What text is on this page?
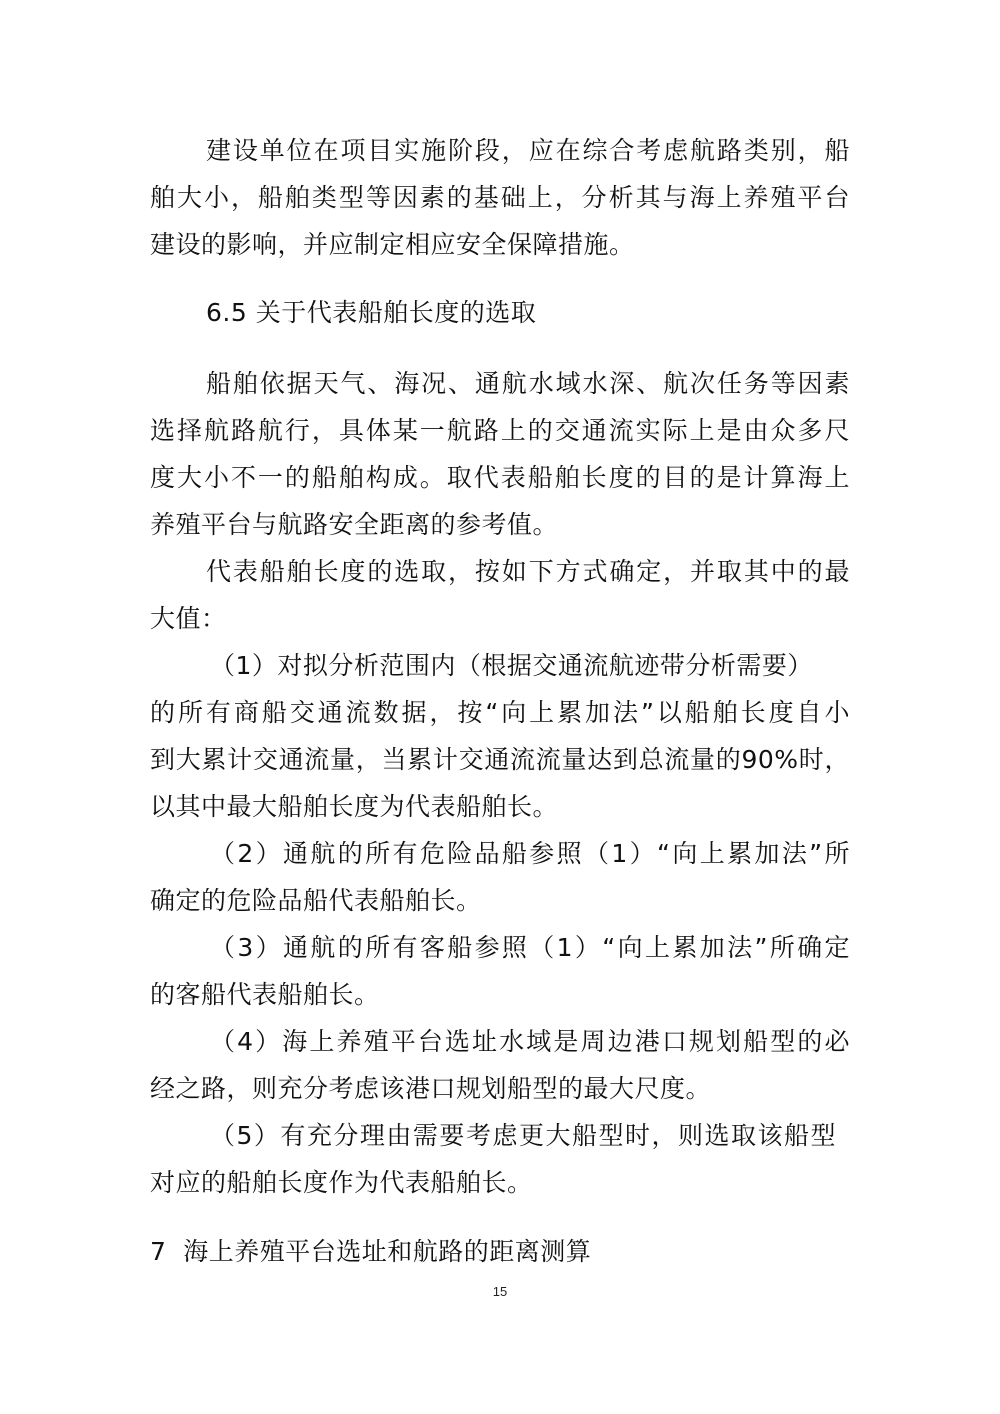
建设单位在项目实施阶段，应在综合考虑航路类别，船
舶大小，船舶类型等因素的基础上，分析其与海上养殖平台
建设的影响，并应制定相应安全保障措施。
6.5 关于代表船舶长度的选取
船舶依据天气、海况、通航水域水深、航次任务等因素
选择航路航行，具体某一航路上的交通流实际上是由众多尺
度大小不一的船舶构成。取代表船舶长度的目的是计算海上
养殖平台与航路安全距离的参考值。
代表船舶长度的选取，按如下方式确定，并取其中的最
大值：
（1）对拟分析范围内（根据交通流航迹带分析需要）
的所有商船交通流数据，按“向上累加法”以船舶长度自小
到大累计交通流量，当累计交通流流量达到总流量的90%时，
以其中最大船舶长度为代表船舶长。
（2）通航的所有危险品船参照（1）“向上累加法”所
确定的危险品船代表船舶长。
（3）通航的所有客船参照（1）“向上累加法”所确定
的客船代表船舶长。
（4）海上养殖平台选址水域是周边港口规划船型的必
经之路，则充分考虑该港口规划船型的最大尺度。
（5）有充分理由需要考虑更大船型时，则选取该船型
对应的船舶长度作为代表船舶长。
7  海上养殖平台选址和航路的距离测算
15
